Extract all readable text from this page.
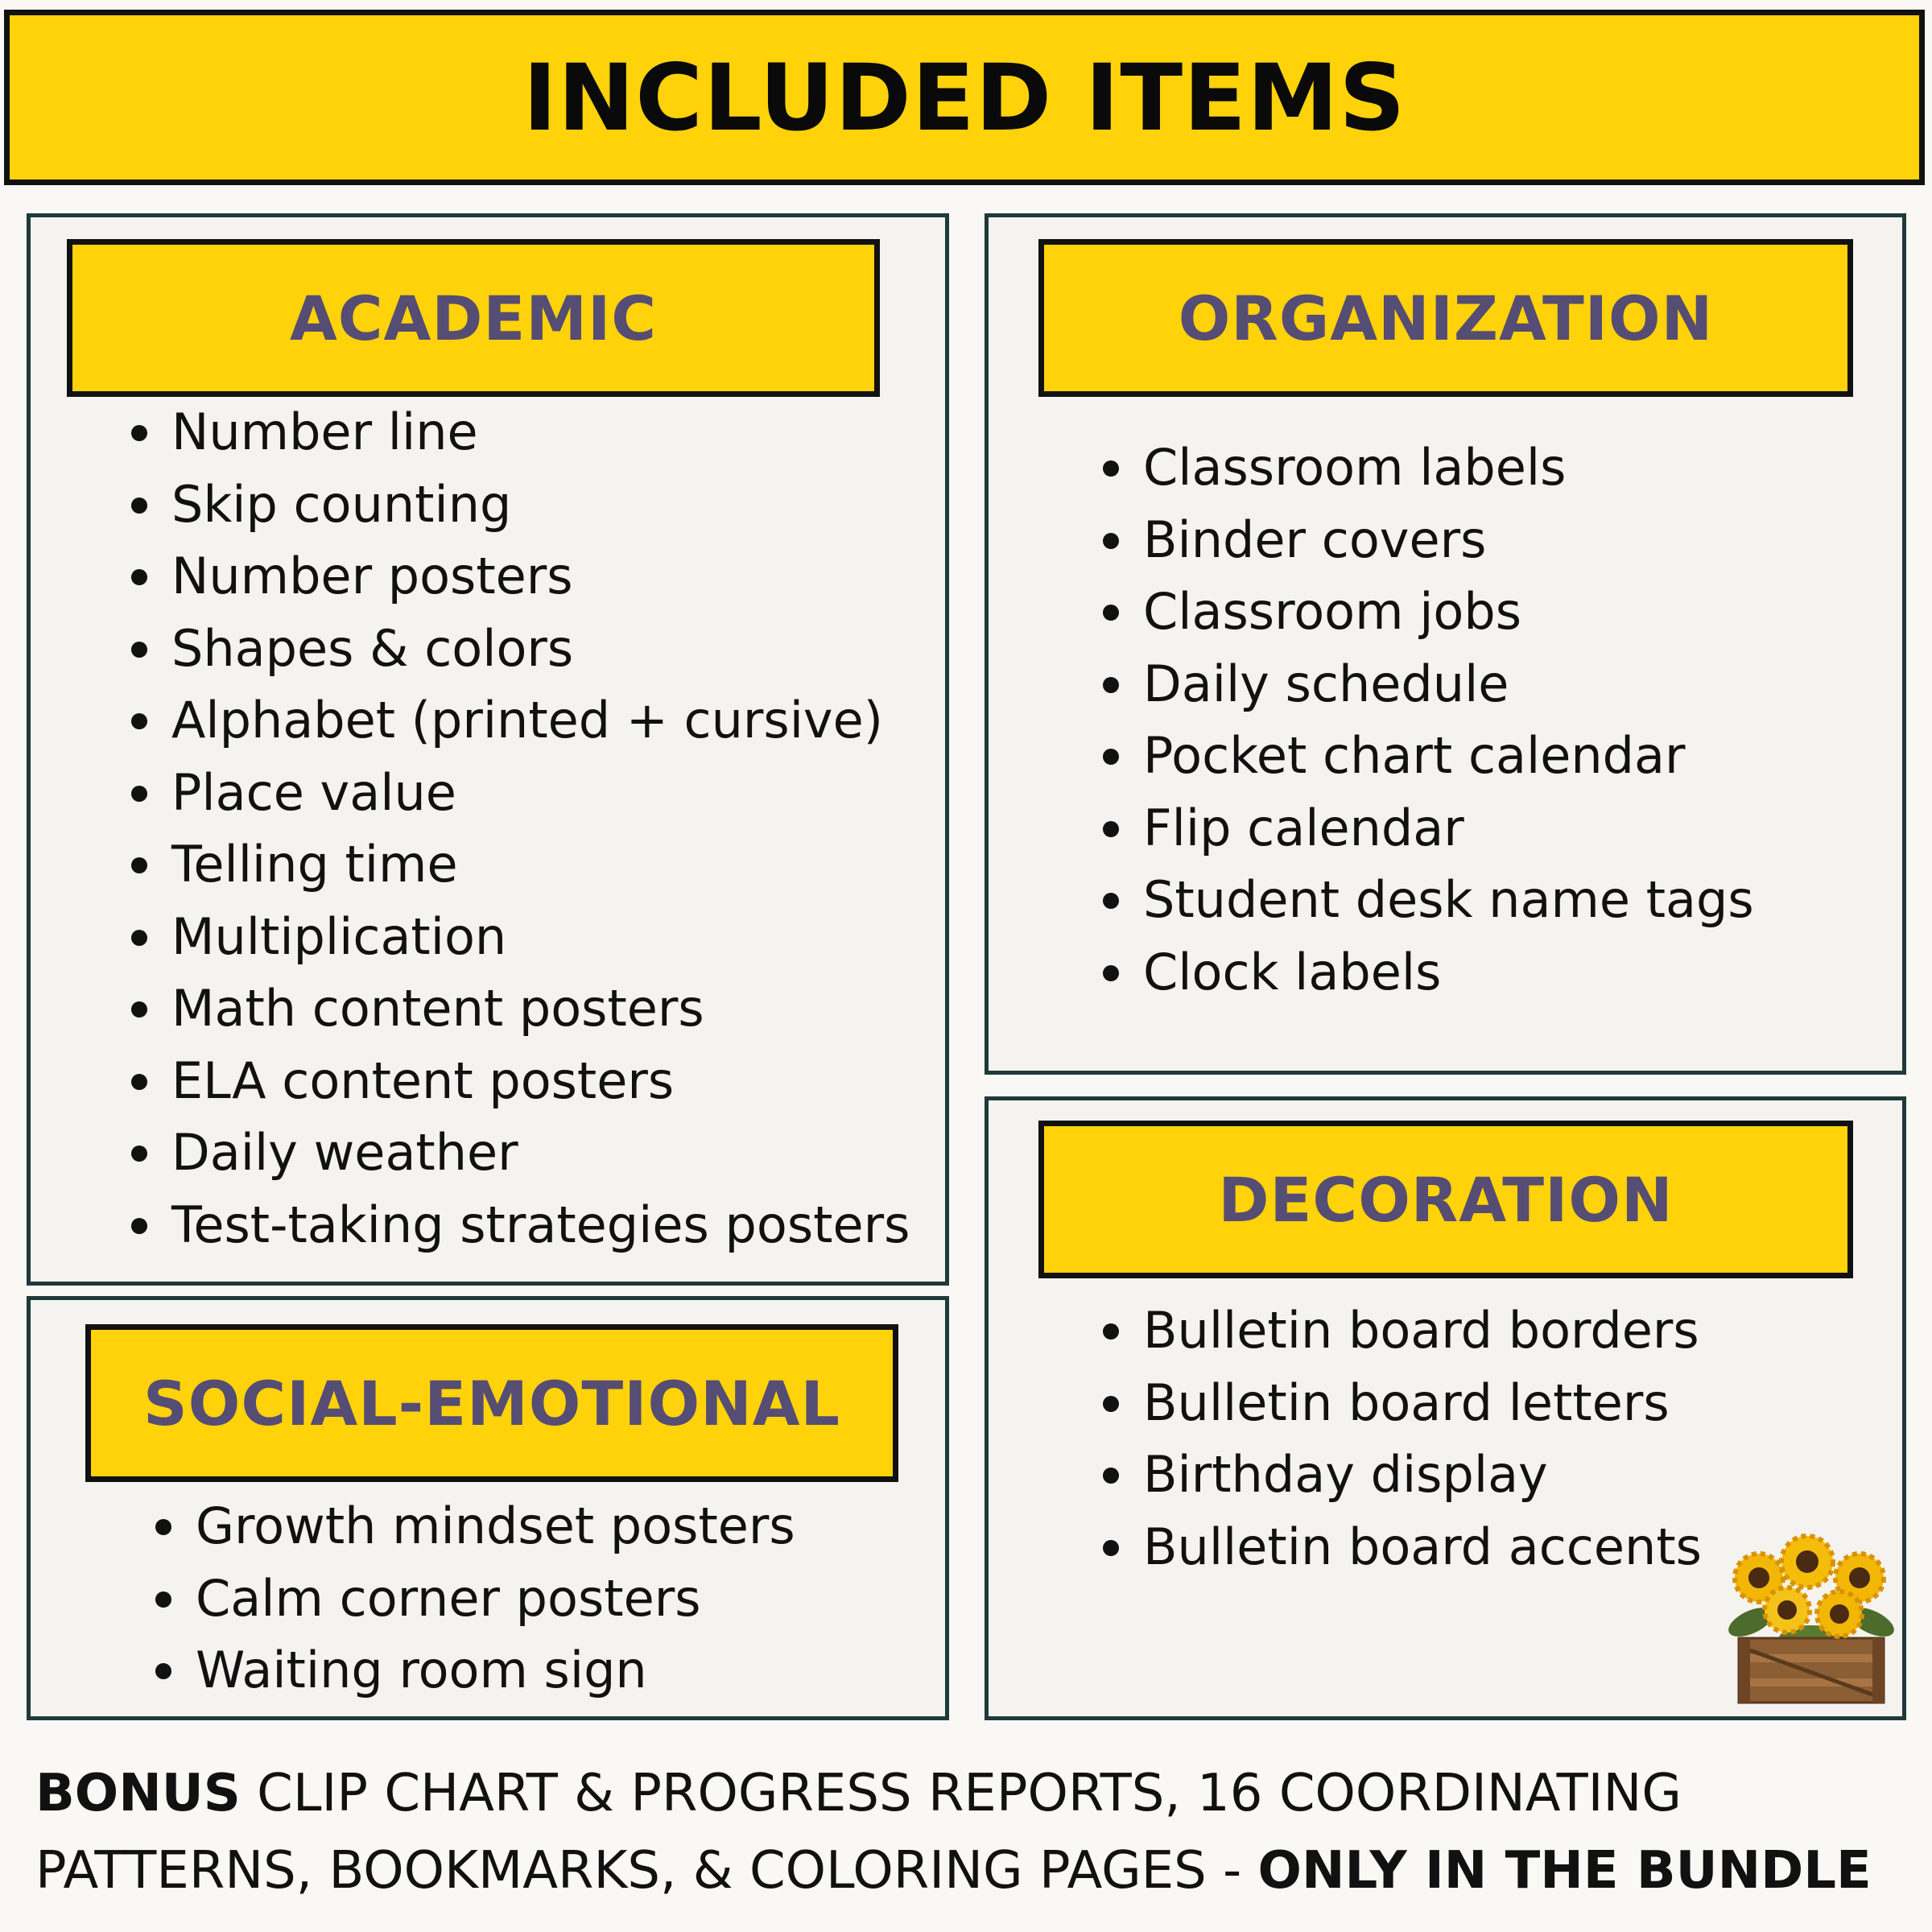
INCLUDED ITEMS
ACADEMIC
Number line
Skip counting
Number posters
Shapes & colors
Alphabet (printed + cursive)
Place value
Telling time
Multiplication
Math content posters
ELA content posters
Daily weather
Test-taking strategies posters
ORGANIZATION
Classroom labels
Binder covers
Classroom jobs
Daily schedule
Pocket chart calendar
Flip calendar
Student desk name tags
Clock labels
SOCIAL-EMOTIONAL
Growth mindset posters
Calm corner posters
Waiting room sign
DECORATION
Bulletin board borders
Bulletin board letters
Birthday display
Bulletin board accents
BONUS CLIP CHART & PROGRESS REPORTS, 16 COORDINATING
PATTERNS, BOOKMARKS, & COLORING PAGES - ONLY IN THE BUNDLE
